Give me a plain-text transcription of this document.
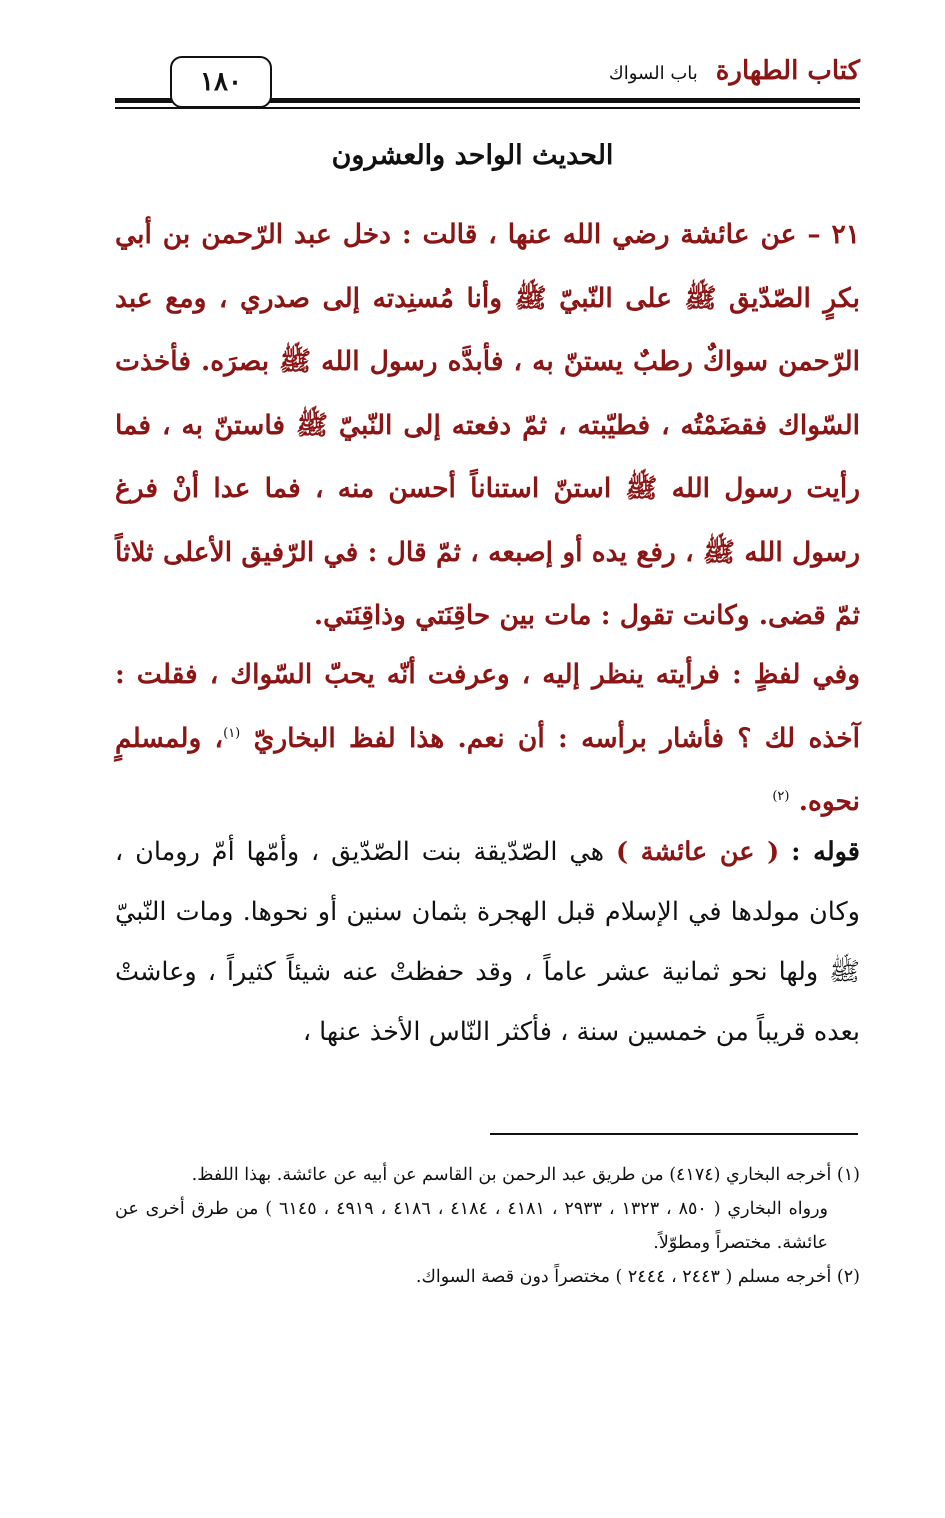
١٨٠	كتاب الطهارة
باب السواك
الحديث الواحد والعشرون
٢١ – عن عائشة رضي الله عنها ، قالت : دخل عبد الرّحمن بن أبي بكرٍ الصّدّيق ﷺ على النّبيّ ﷺ وأنا مُسنِدته إلى صدري ، ومع عبد الرّحمن سواكٌ رطبٌ يستنّ به ، فأبدَّه رسول الله ﷺ بصرَه. فأخذت السّواك فقضَمْتُه ، فطيّبته ، ثمّ دفعته إلى النّبيّ ﷺ فاستنّ به ، فما رأيت رسول الله ﷺ استنّ استناناً أحسن منه ، فما عدا أنْ فرغ رسول الله ﷺ ، رفع يده أو إصبعه ، ثمّ قال : في الرّفيق الأعلى ثلاثاً ثمّ قضى. وكانت تقول : مات بين حاقِنَتي وذاقِنَتي.
وفي لفظٍ : فرأيته ينظر إليه ، وعرفت أنّه يحبّ السّواك ، فقلت : آخذه لك ؟ فأشار برأسه : أن نعم. هذا لفظ البخاريّ $^{(١)}$، ولمسلمٍ نحوه. $^{(٢)}$
قوله : ( عن عائشة ) هي الصّدّيقة بنت الصّدّيق ، وأمّها أمّ رومان ، وكان مولدها في الإسلام قبل الهجرة بثمان سنين أو نحوها. ومات النّبيّ ﷺ ولها نحو ثمانية عشر عاماً ، وقد حفظتْ عنه شيئاً كثيراً ، وعاشتْ بعده قريباً من خمسين سنة ، فأكثر النّاس الأخذ عنها ،
(١) أخرجه البخاري (٤١٧٤) من طريق عبد الرحمن بن القاسم عن أبيه عن عائشة. بهذا اللفظ.
ورواه البخاري ( ٨٥٠ ، ١٣٢٣ ، ٢٩٣٣ ، ٤١٨١ ، ٤١٨٤ ، ٤١٨٦ ، ٤٩١٩ ، ٦١٤٥ ) من طرق أخرى عن عائشة. مختصراً ومطوّلاً.
(٢) أخرجه مسلم ( ٢٤٤٣ ، ٢٤٤٤ ) مختصراً دون قصة السواك.
